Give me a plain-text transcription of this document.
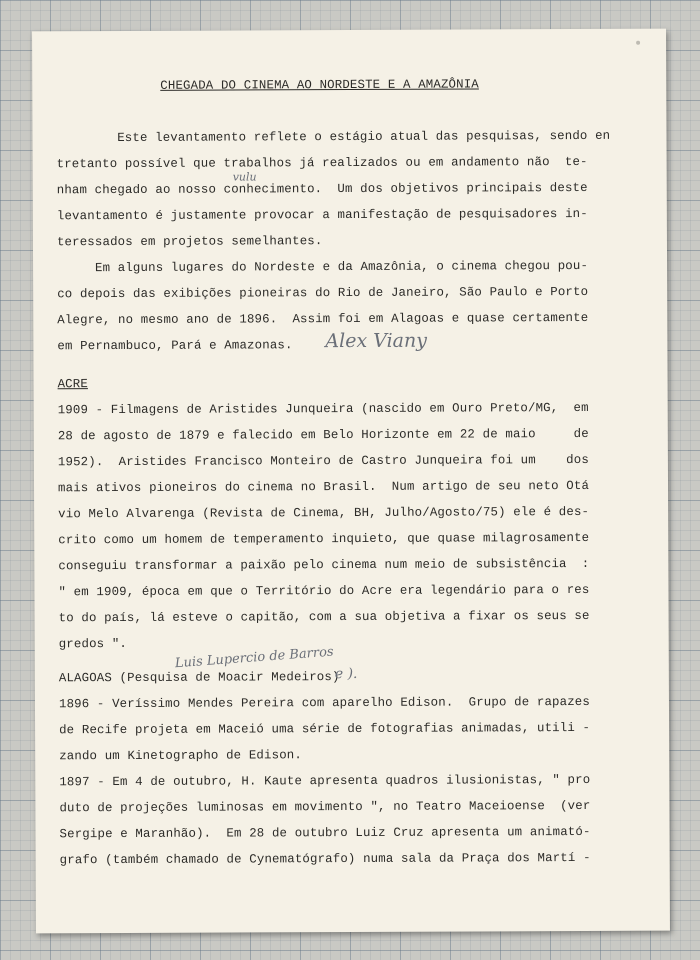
CHEGADA DO CINEMA AO NORDESTE E A AMAZÔNIA
Este levantamento reflete o estágio atual das pesquisas, sendo en
tretanto possível que trabalhos já realizados ou em andamento não  te-
nham chegado ao nosso conhecimento.  Um dos objetivos principais deste
levantamento é justamente provocar a manifestação de pesquisadores in-
teressados em projetos semelhantes.
Em alguns lugares do Nordeste e da Amazônia, o cinema chegou pou-
co depois das exibições pioneiras do Rio de Janeiro, São Paulo e Porto
Alegre, no mesmo ano de 1896.  Assim foi em Alagoas e quase certamente
em Pernambuco, Pará e Amazonas.
ACRE
1909 - Filmagens de Aristides Junqueira (nascido em Ouro Preto/MG,  em
28 de agosto de 1879 e falecido em Belo Horizonte em 22 de maio     de
1952).  Aristides Francisco Monteiro de Castro Junqueira foi um    dos
mais ativos pioneiros do cinema no Brasil.  Num artigo de seu neto Otá
vio Melo Alvarenga (Revista de Cinema, BH, Julho/Agosto/75) ele é des-
crito como um homem de temperamento inquieto, que quase milagrosamente
conseguiu transformar a paixão pelo cinema num meio de subsistência  :
" em 1909, época em que o Território do Acre era legendário para o res
to do país, lá esteve o capitão, com a sua objetiva a fixar os seus se
gredos ".
ALAGOAS (Pesquisa de Moacir Medeiros)
1896 - Veríssimo Mendes Pereira com aparelho Edison.  Grupo de rapazes
de Recife projeta em Maceió uma série de fotografias animadas, utili -
zando um Kinetographo de Edison.
1897 - Em 4 de outubro, H. Kaute apresenta quadros ilusionistas, " pro
duto de projeções luminosas em movimento ", no Teatro Maceioense  (ver
Sergipe e Maranhão).  Em 28 de outubro Luiz Cruz apresenta um animató-
grafo (também chamado de Cynematógrafo) numa sala da Praça dos Martí -
vulu
Alex Viany
Luis Lupercio de Barros
e ).
